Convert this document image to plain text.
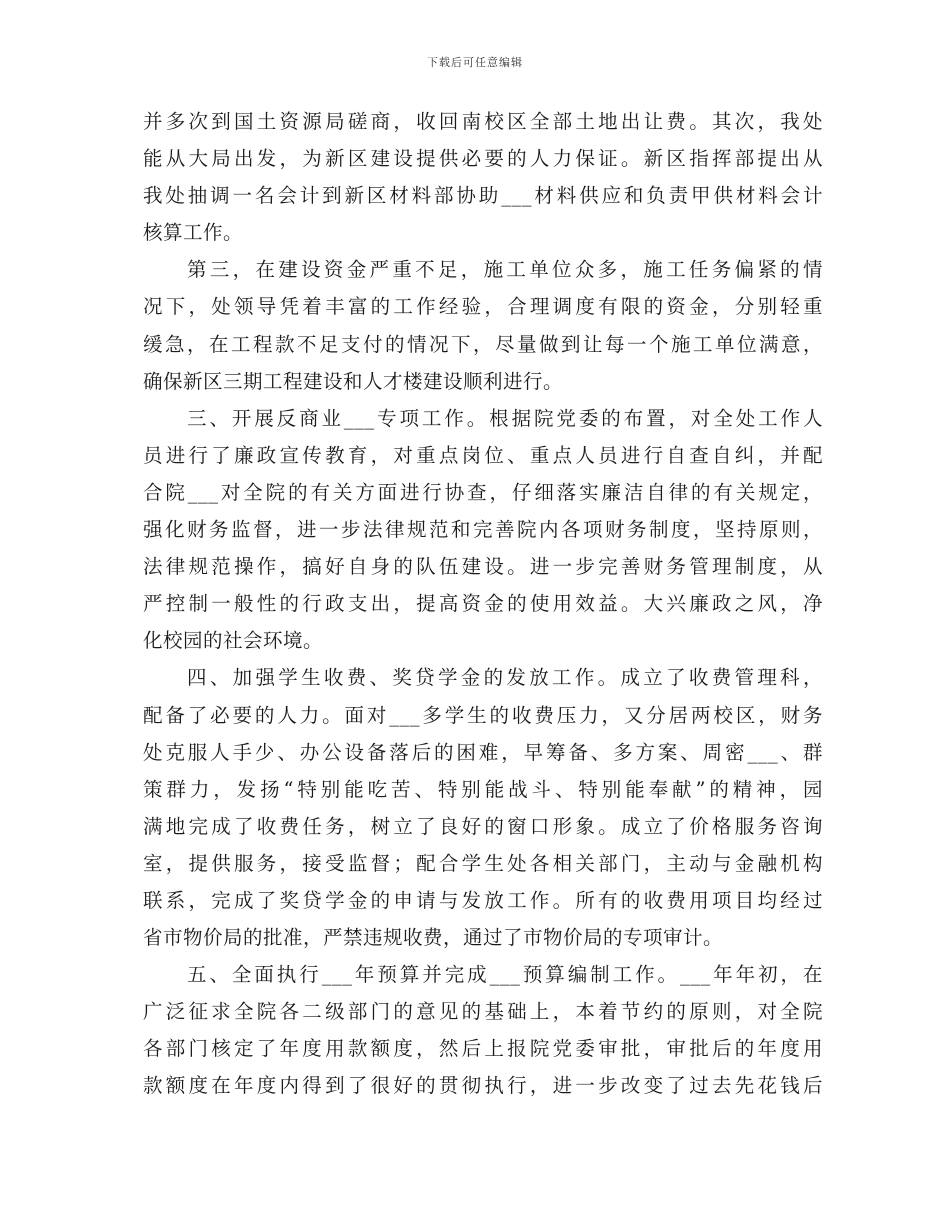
下载后可任意编辑
并多次到国土资源局磋商，收回南校区全部土地出让费。其次，我处
能从大局出发，为新区建设提供必要的人力保证。新区指挥部提出从
我处抽调一名会计到新区材料部协助___材料供应和负责甲供材料会计
核算工作。
第三，在建设资金严重不足，施工单位众多，施工任务偏紧的情
况下，处领导凭着丰富的工作经验，合理调度有限的资金，分别轻重
缓急，在工程款不足支付的情况下，尽量做到让每一个施工单位满意，
确保新区三期工程建设和人才楼建设顺利进行。
三、开展反商业___专项工作。根据院党委的布置，对全处工作人
员进行了廉政宣传教育，对重点岗位、重点人员进行自查自纠，并配
合院___对全院的有关方面进行协查，仔细落实廉洁自律的有关规定，
强化财务监督，进一步法律规范和完善院内各项财务制度，坚持原则，
法律规范操作，搞好自身的队伍建设。进一步完善财务管理制度，从
严控制一般性的行政支出，提高资金的使用效益。大兴廉政之风，净
化校园的社会环境。
四、加强学生收费、奖贷学金的发放工作。成立了收费管理科，
配备了必要的人力。面对___多学生的收费压力，又分居两校区，财务
处克服人手少、办公设备落后的困难，早筹备、多方案、周密___、群
策群力，发扬“特别能吃苦、特别能战斗、特别能奉献”的精神，园
满地完成了收费任务，树立了良好的窗口形象。成立了价格服务咨询
室，提供服务，接受监督；配合学生处各相关部门，主动与金融机构
联系，完成了奖贷学金的申请与发放工作。所有的收费用项目均经过
省市物价局的批准，严禁违规收费，通过了市物价局的专项审计。
五、全面执行___年预算并完成___预算编制工作。___年年初，在
广泛征求全院各二级部门的意见的基础上，本着节约的原则，对全院
各部门核定了年度用款额度，然后上报院党委审批，审批后的年度用
款额度在年度内得到了很好的贯彻执行，进一步改变了过去先花钱后
